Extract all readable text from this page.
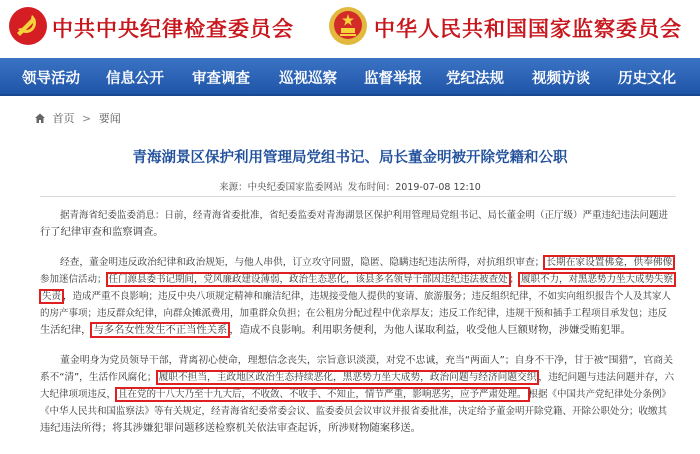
中共中央纪律检查委员会	中华人民共和国国家监察委员会
领导活动 信息公开 审查调查 巡视巡察 监督举报 党纪法规 视频访谈 历史文化
首页 > 要闻
青海湖景区保护利用管理局党组书记、局长董金明被开除党籍和公职
来源：中央纪委国家监委网站 发布时间：2019-07-08 12:10
据青海省纪委监委消息：日前，经青海省委批准，省纪委监委对青海湖景区保护利用管理局党组书记、局长董金明（正厅级）严重违纪违法问题进
行了纪律审查和监察调查。
经查，董金明违反政治纪律和政治规矩，与他人串供，订立攻守同盟，隐匿、隐瞒违纪违法所得，对抗组织审查； 长期在家设置佛龛，供奉佛像
参加迷信活动； 任门源县委书记期间，党风廉政建设薄弱，政治生态恶化，该县多名领导干部因违纪违法被查处 ； 履职不力，对黑恶势力坐大成势失察
失责 ，造成严重不良影响；违反中央八项规定精神和廉洁纪律，违规接受他人提供的宴请、旅游服务；违反组织纪律，不如实向组织报告个人及其家人
的房产事项；违反群众纪律，向群众摊派费用，加重群众负担；在公租房分配过程中优亲厚友；违反工作纪律，违规干预和插手工程项目承发包；违反
生活纪律， 与多名女性发生不正当性关系 ，造成不良影响。利用职务便利，为他人谋取利益，收受他人巨额财物，涉嫌受贿犯罪。
董金明身为党员领导干部，背离初心使命，理想信念丧失，宗旨意识淡漠，对党不忠诚，充当“两面人”；自身不干净，甘于被“围猎”，官商关
系不“清”，生活作风腐化； 履职不担当，主政地区政治生态持续恶化，黑恶势力坐大成势，政治问题与经济问题交织 ，违纪问题与违法问题并存，六
大纪律项项违反， 且在党的十八大乃至十九大后，不收敛、不收手、不知止，情节严重，影响恶劣，应予严肃处理。 根据《中国共产党纪律处分条例》
《中华人民共和国监察法》等有关规定，经青海省纪委常委会议、监委委员会议审议并报省委批准，决定给予董金明开除党籍、开除公职处分；收缴其
违纪违法所得；将其涉嫌犯罪问题移送检察机关依法审查起诉，所涉财物随案移送。
